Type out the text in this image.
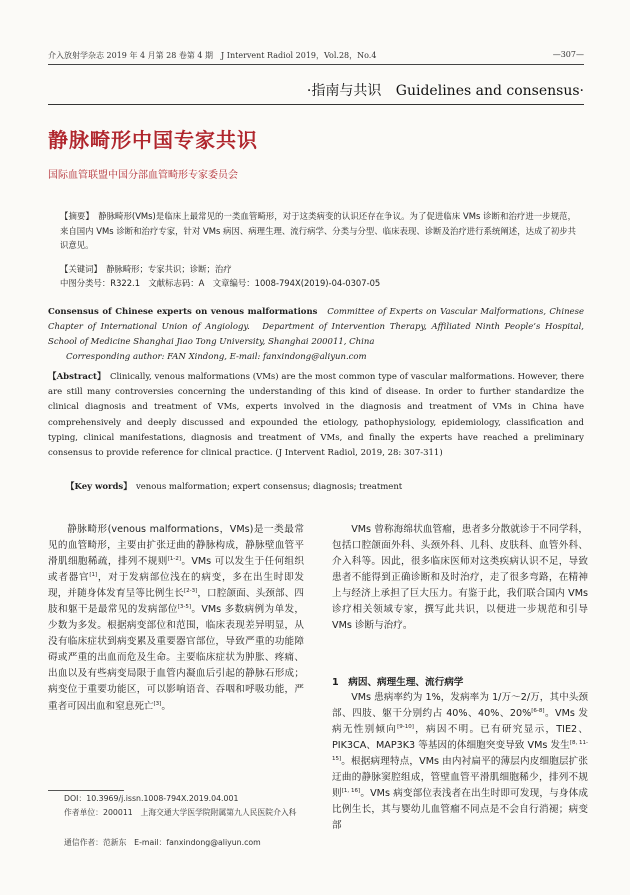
介入放射学杂志 2019 年 4 月第 28 卷第 4 期　J Intervent Radiol 2019，Vol.28，No.4	—307—
·指南与共识 Guidelines and consensus·
静脉畸形中国专家共识
国际血管联盟中国分部血管畸形专家委员会
【摘要】　 静脉畸形(VMs)是临床上最常见的一类血管畸形，对于这类病变的认识还存在争议。为了促进临床 VMs 诊断和治疗进一步规范，来自国内 VMs 诊断和治疗专家，针对 VMs 病因、病理生理、流行病学、分类与分型、临床表现、诊断及治疗进行系统阐述，达成了初步共识意见。
【关键词】　 静脉畸形；专家共识；诊断；治疗
中图分类号：R322.1　文献标志码：A　文章编号：1008-794X(2019)-04-0307-05
Consensus of Chinese experts on venous malformations　 Committee of Experts on Vascular Malformations, Chinese Chapter of International Union of Angiology.　Department of Intervention Therapy, Affiliated Ninth People’s Hospital, School of Medicine Shanghai Jiao Tong University, Shanghai 200011, China
Corresponding author: FAN Xindong, E-mail: fanxindong@aliyun.com
【Abstract】　 Clinically, venous malformations (VMs) are the most common type of vascular malformations. However, there are still many controversies concerning the understanding of this kind of disease. In order to further standardize the clinical diagnosis and treatment of VMs, experts involved in the diagnosis and treatment of VMs in China have comprehensively and deeply discussed and expounded the etiology, pathophysiology, epidemiology, classification and typing, clinical manifestations, diagnosis and treatment of VMs, and finally the experts have reached a preliminary consensus to provide reference for clinical practice. (J Intervent Radiol, 2019, 28: 307-311)
【Key words】　 venous malformation; expert consensus; diagnosis; treatment

静脉畸形(venous malformations，VMs)是一类最常见的血管畸形，主要由扩张迂曲的静脉构成，静脉壁血管平滑肌细胞稀疏，排列不规则[1-2]。VMs 可以发生于任何组织或者器官[1]，对于发病部位浅在的病变，多在出生时即发现，并随身体发育呈等比例生长[2-3]，口腔颌面、头颈部、四肢和躯干是最常见的发病部位[3-5]。VMs 多数病例为单发，少数为多发。根据病变部位和范围，临床表现差异明显，从没有临床症状到病变累及重要器官部位，导致严重的功能障碍或严重的出血而危及生命。主要临床症状为肿胀、疼痛、出血以及有些病变局限于血管内凝血后引起的静脉石形成；病变位于重要功能区，可以影响语音、吞咽和呼吸功能，严重者可因出血和窒息死亡[3]。

VMs 曾称海绵状血管瘤，患者多分散就诊于不同学科，包括口腔颌面外科、头颈外科、儿科、皮肤科、血管外科、介入科等。因此，很多临床医师对这类疾病认识不足，导致患者不能得到正确诊断和及时治疗，走了很多弯路，在精神上与经济上承担了巨大压力。有鉴于此，我们联合国内 VMs 诊疗相关领域专家，撰写此共识，以便进一步规范和引导 VMs 诊断与治疗。

1　病因、病理生理、流行病学

VMs 患病率约为 1%，发病率为 1/万～2/万，其中头颈部、四肢、躯干分别约占 40%、40%、20%[6-8]。VMs 发病无性别倾向[9-10]，病因不明。已有研究显示，TIE2、PIK3CA、MAP3K3 等基因的体细胞突变导致 VMs 发生[8, 11-15]。根据病理特点，VMs 由内衬扁平的薄层内皮细胞层扩张迂曲的静脉窦腔组成，管壁血管平滑肌细胞稀少，排列不规则[1, 16]。VMs 病变部位表浅者在出生时即可发现，与身体成比例生长，其与婴幼儿血管瘤不同点是不会自行消褪；病变部

DOI：10.3969/j.issn.1008-794X.2019.04.001
作者单位：200011　上海交通大学医学院附属第九人民医院介入科
通信作者：范新东　E-mail：fanxindong@aliyun.com
